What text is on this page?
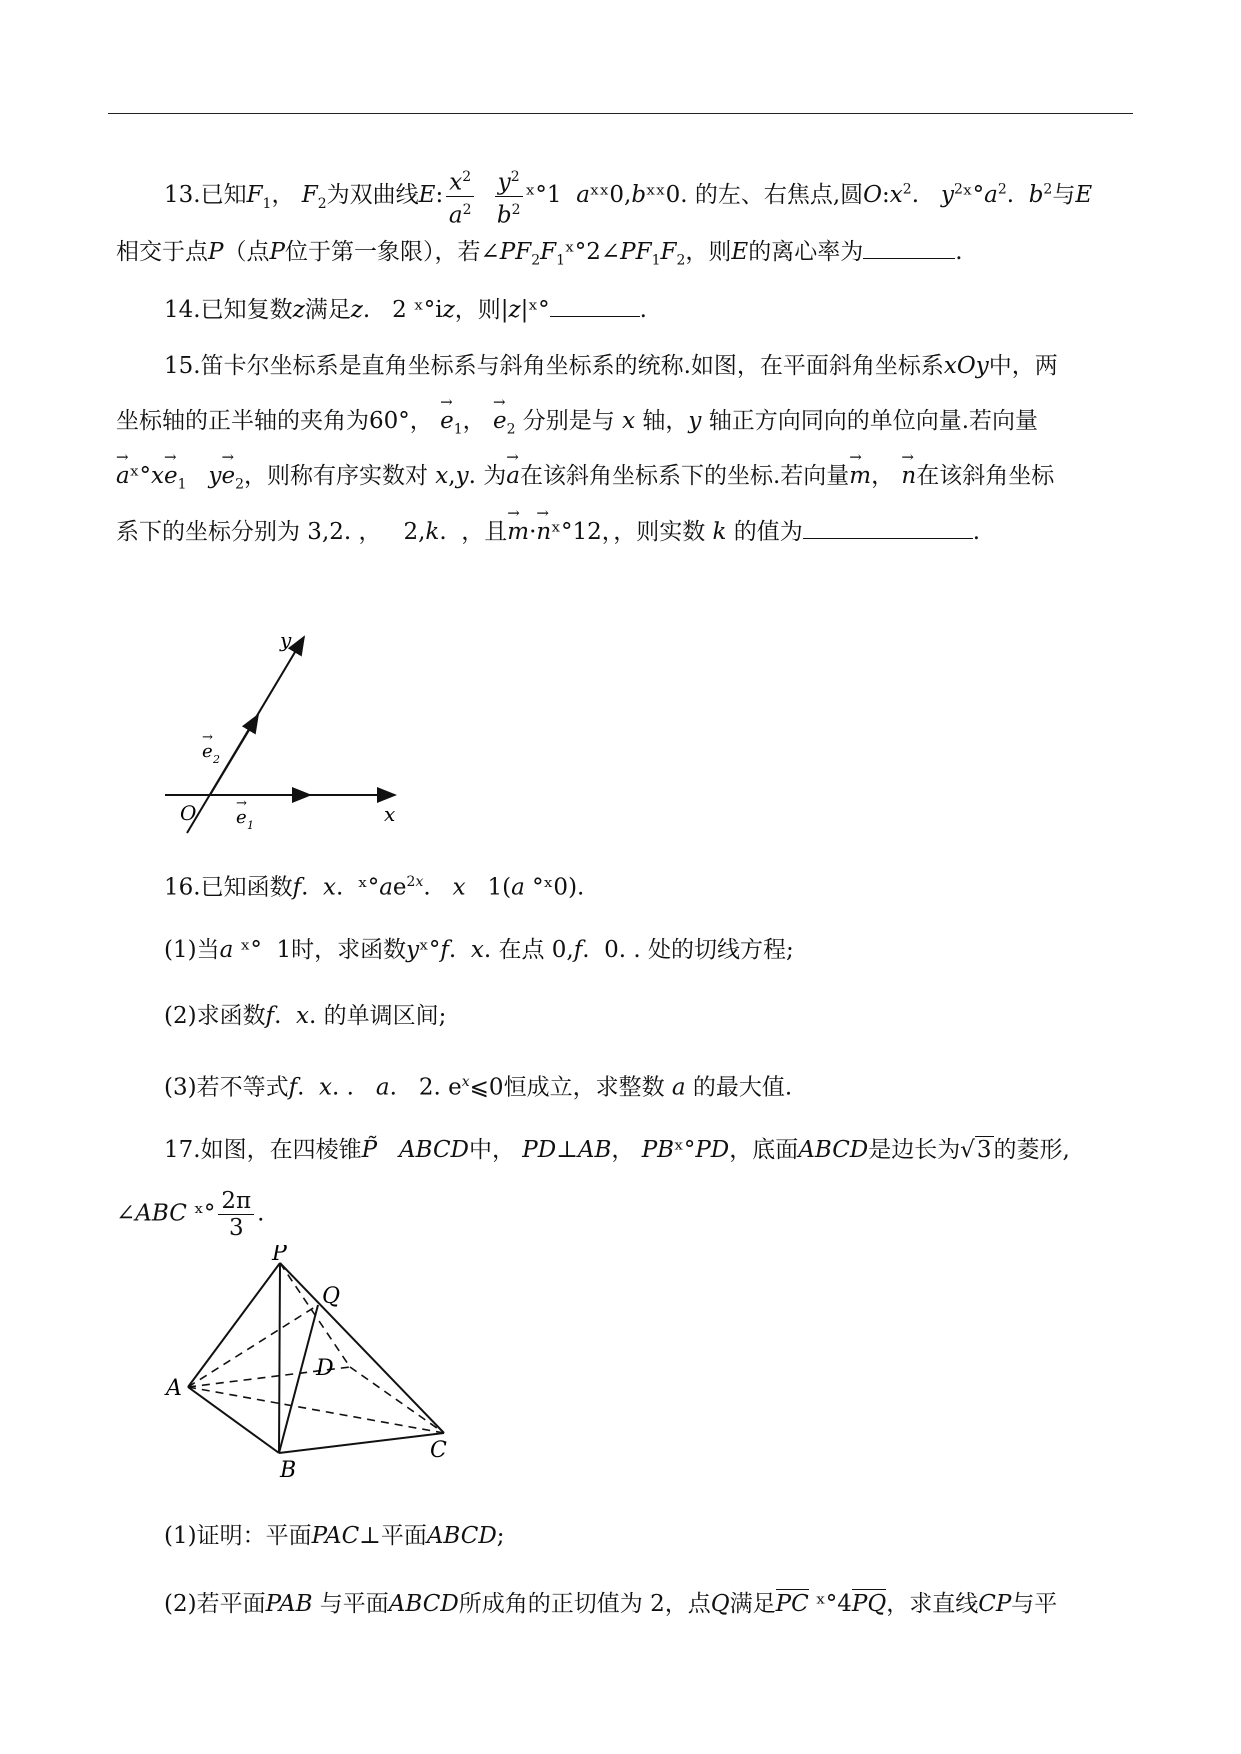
13.已知$F_1$， $F_2$为双曲线E: $\frac{x^2}{a^2}$
$\frac{y^2}{b^2}$ ˣ°1  aˣˣ0,bˣˣ0. 的左、右焦点,圆$O:x^2$.   $y^2ˣ^\circ a^2$.  $b^2$与E
相交于点P（点P位于第一象限），若$\angle PF_2F_1ˣ^\circ 2\angle PF_1F_2$，则E的离心率为	.
14.已知复数z满足z.   2 ˣ°iz，则|z|ˣ°	.
15.笛卡尔坐标系是直角坐标系与斜角坐标系的统称.如图，在平面斜角坐标系xOy中，两
坐标轴的正半轴的夹角为60°， → $e_1$， → $e_2$ 分别是与 x 轴，y 轴正方向同向的单位向量.若向量
→ aˣ°x→ $e_1$ $y\to e_2$，则称有序实数对 x,y. 为→ a在该斜角坐标系下的坐标.若向量→ m， → n在该斜角坐标
系下的坐标分别为 3,2. ，   2,k.  ，且→ m·→ nˣ°12，，则实数 k 的值为	.
y
x
O
e 2
→
e 1
→
16.已知函数f.  x.  $ˣ^\circ ae^{2x}$.   x   1(a °ˣ0).
(1)当a ˣ°  1时，求函数yˣ°f.  x. 在点 0,f.  0. . 处的切线方程;
(2)求函数f.  x. 的单调区间;
(3)若不等式f.  x. .   a.   2. $e^x⩽0$恒成立，求整数 a 的最大值.
17.如图，在四棱锥P̃ ABCD中， PD⊥AB， PBˣ°PD，底面ABCD是边长为√3的菱形,
∠ABC ˣ° $\frac{2\pi}{3}$ .
P
Q
D
A
B
C
(1)证明：平面PAC⊥平面ABCD;
(2)若平面PAB 与平面ABCD所成角的正切值为 2，点Q满足PC ˣ°4PQ，求直线CP与平
